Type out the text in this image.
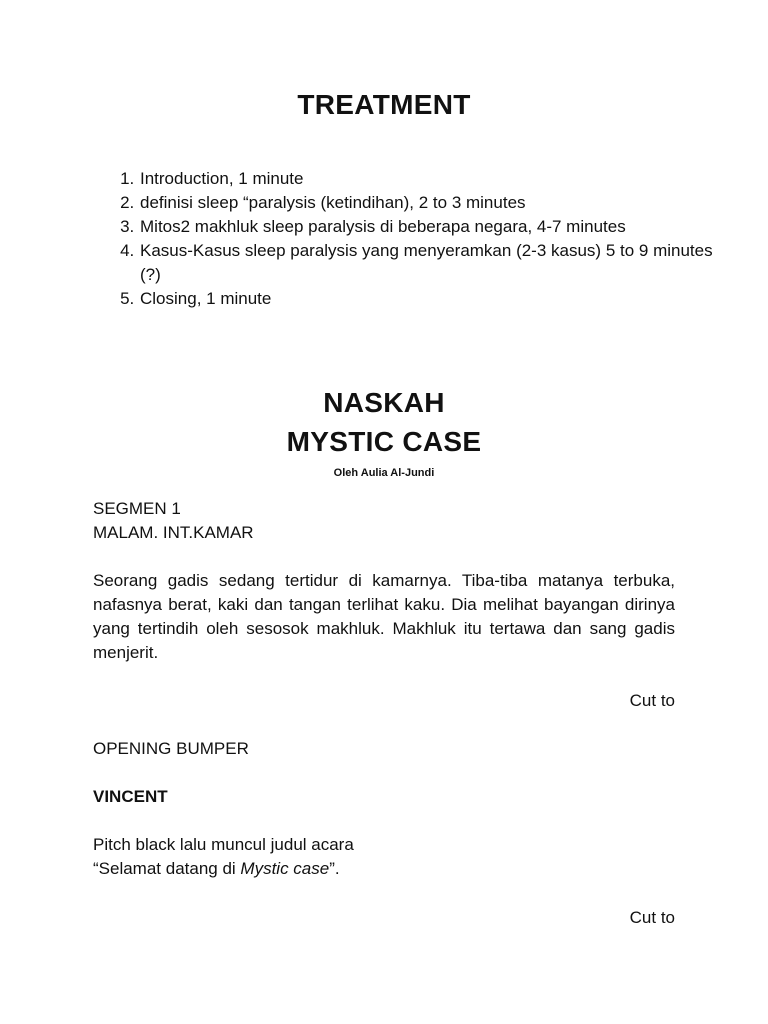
TREATMENT
1. Introduction, 1 minute
2. definisi sleep “paralysis (ketindihan), 2 to 3 minutes
3. Mitos2 makhluk sleep paralysis di beberapa negara, 4-7 minutes
4. Kasus-Kasus sleep paralysis yang menyeramkan (2-3 kasus) 5 to 9 minutes (?)
5. Closing, 1 minute
NASKAH
MYSTIC CASE
Oleh Aulia Al-Jundi
SEGMEN 1
MALAM. INT.KAMAR
Seorang gadis sedang tertidur di kamarnya. Tiba-tiba matanya terbuka, nafasnya berat, kaki dan tangan terlihat kaku. Dia melihat bayangan dirinya yang tertindih oleh sesosok makhluk. Makhluk itu tertawa dan sang gadis menjerit.
Cut to
OPENING BUMPER
VINCENT
Pitch black lalu muncul judul acara
“Selamat datang di Mystic case”.
Cut to
